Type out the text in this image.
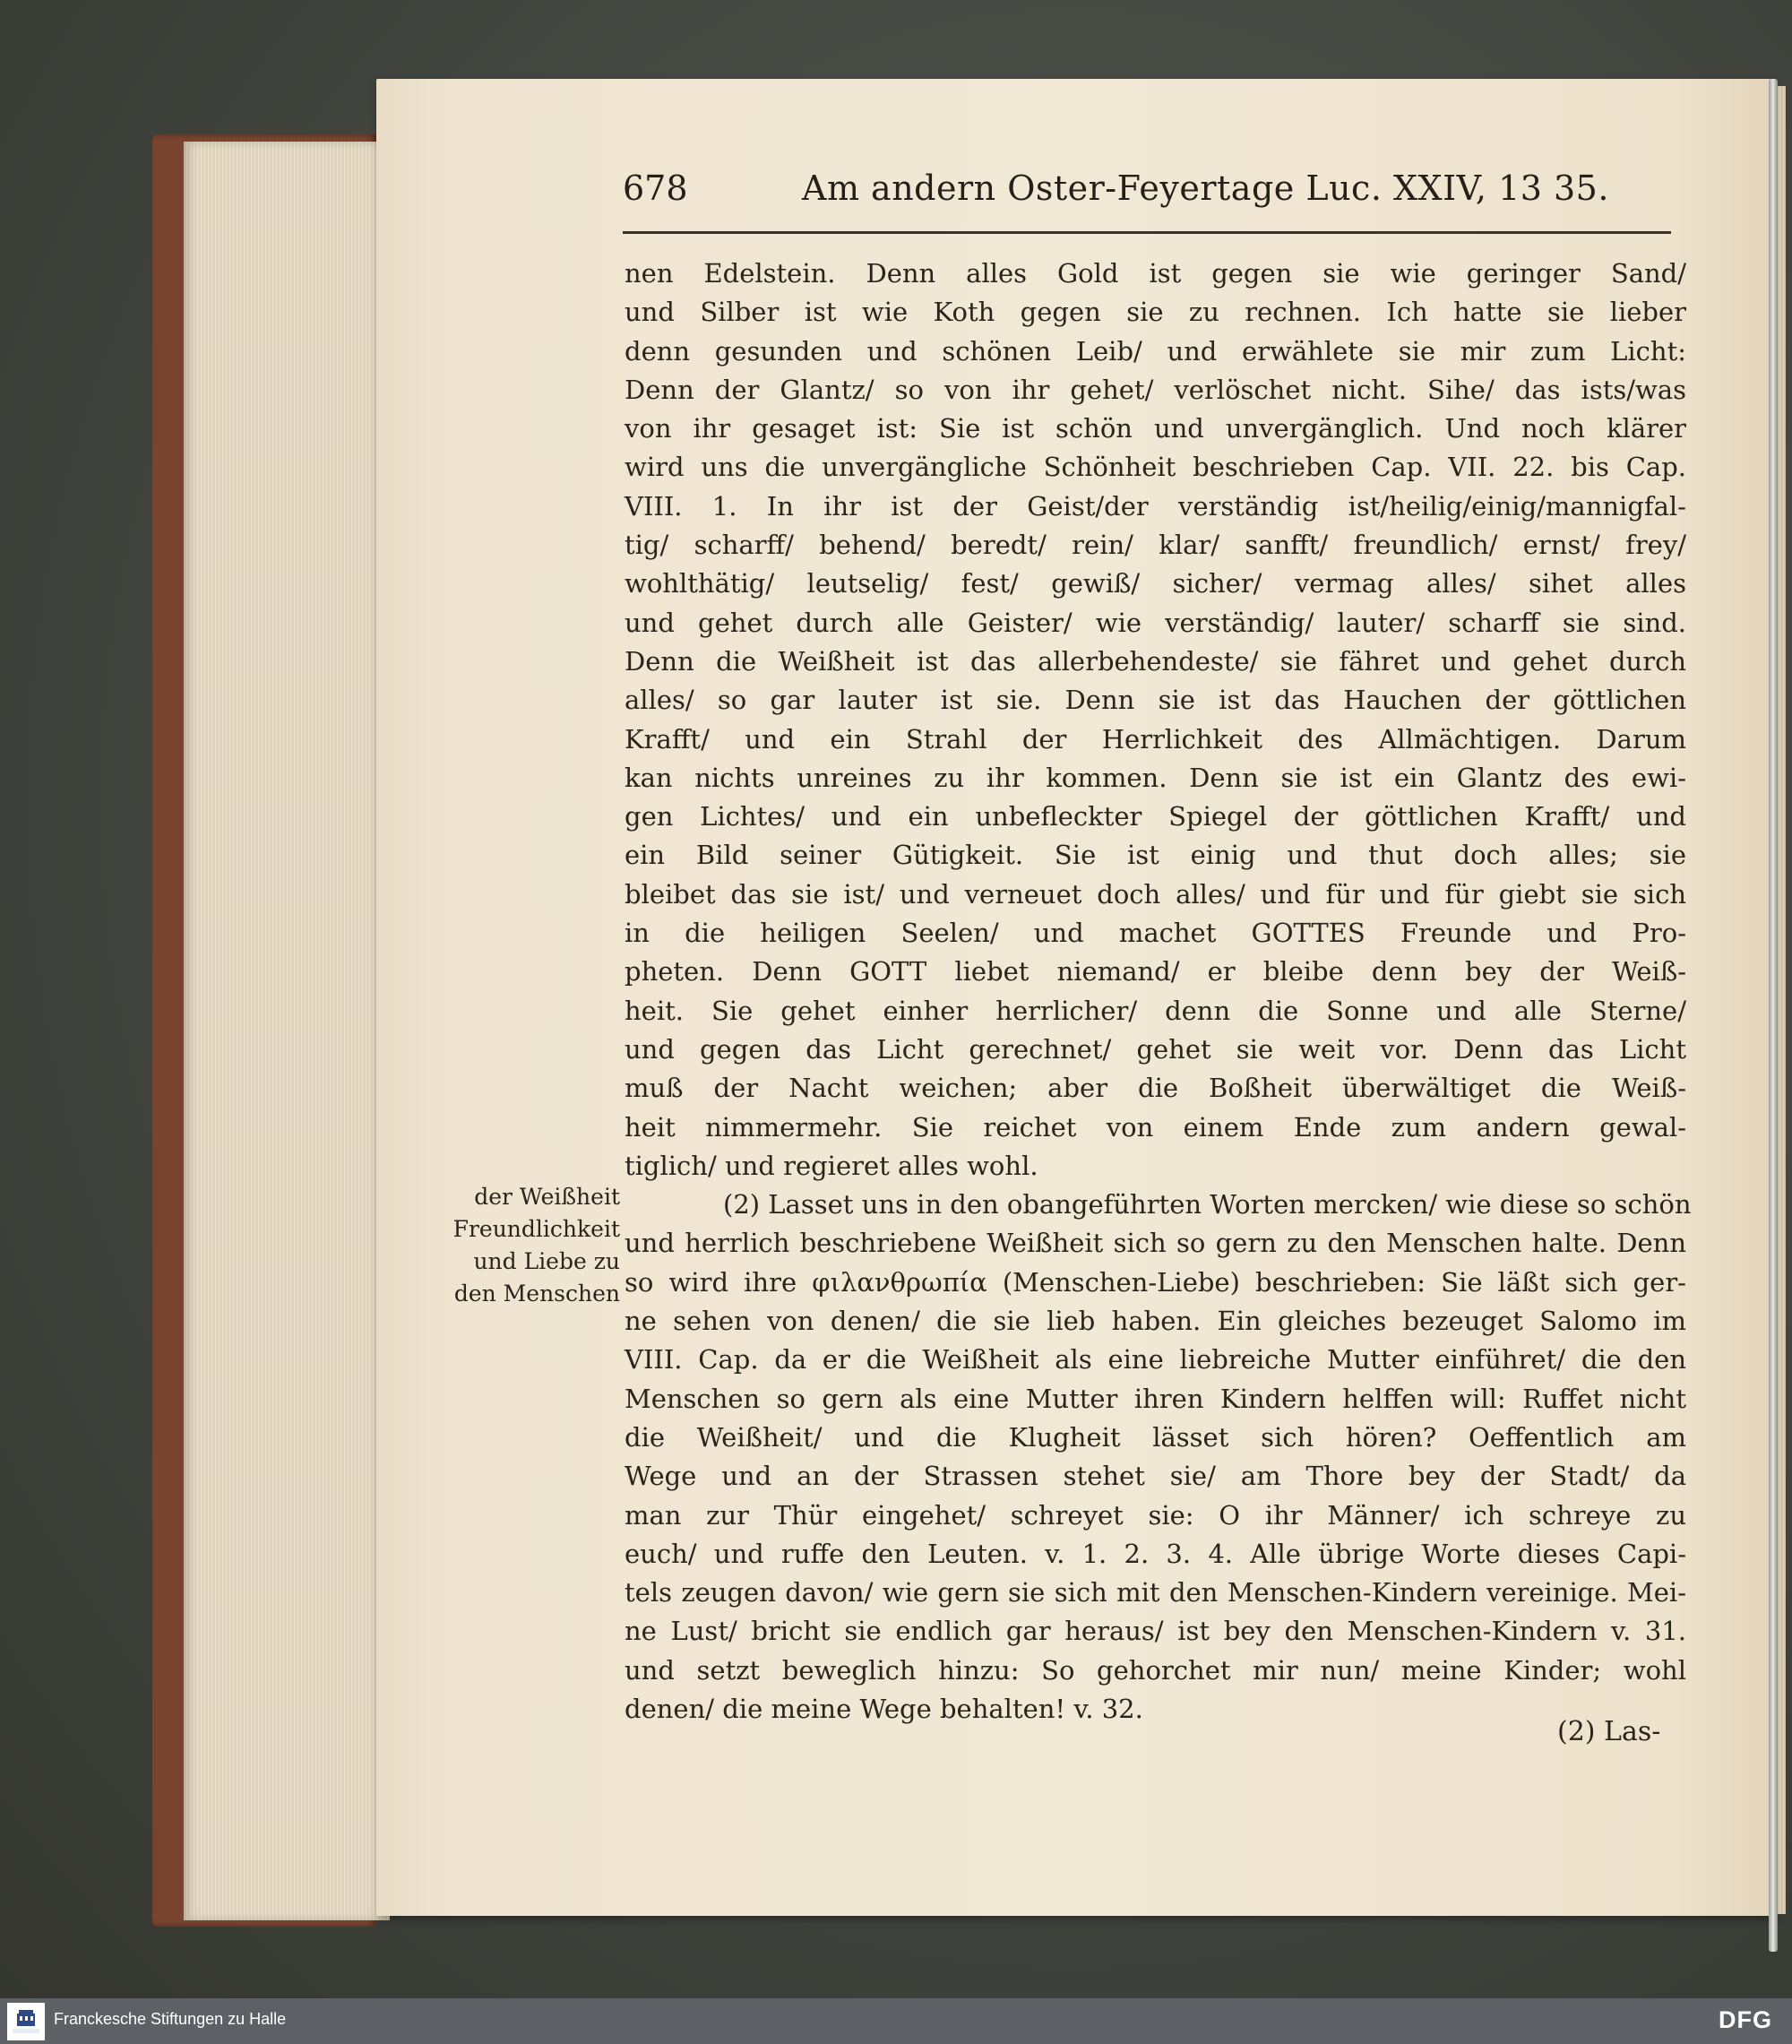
678	Am andern Oster-Feyertage Luc. XXIV, 13 35.
nen Edelstein. Denn alles Gold ist gegen sie wie geringer Sand/
und Silber ist wie Koth gegen sie zu rechnen. Ich hatte sie lieber
denn gesunden und schönen Leib/ und erwählete sie mir zum Licht:
Denn der Glantz/ so von ihr gehet/ verlöschet nicht. Sihe/ das ists/was
von ihr gesaget ist: Sie ist schön und unvergänglich. Und noch klärer
wird uns die unvergängliche Schönheit beschrieben Cap. VII. 22. bis Cap.
VIII. 1. In ihr ist der Geist/der verständig ist/heilig/einig/mannigfal-
tig/ scharff/ behend/ beredt/ rein/ klar/ sanfft/ freundlich/ ernst/ frey/
wohlthätig/ leutselig/ fest/ gewiß/ sicher/ vermag alles/ sihet alles
und gehet durch alle Geister/ wie verständig/ lauter/ scharff sie sind.
Denn die Weißheit ist das allerbehendeste/ sie fähret und gehet durch
alles/ so gar lauter ist sie. Denn sie ist das Hauchen der göttlichen
Krafft/ und ein Strahl der Herrlichkeit des Allmächtigen. Darum
kan nichts unreines zu ihr kommen. Denn sie ist ein Glantz des ewi-
gen Lichtes/ und ein unbefleckter Spiegel der göttlichen Krafft/ und
ein Bild seiner Gütigkeit. Sie ist einig und thut doch alles; sie
bleibet das sie ist/ und verneuet doch alles/ und für und für giebt sie sich
in die heiligen Seelen/ und machet GOTTES Freunde und Pro-
pheten. Denn GOTT liebet niemand/ er bleibe denn bey der Weiß-
heit. Sie gehet einher herrlicher/ denn die Sonne und alle Sterne/
und gegen das Licht gerechnet/ gehet sie weit vor. Denn das Licht
muß der Nacht weichen; aber die Boßheit überwältiget die Weiß-
heit nimmermehr. Sie reichet von einem Ende zum andern gewal-
tiglich/ und regieret alles wohl.
(2) Lasset uns in den obangeführten Worten mercken/ wie diese so schön
und herrlich beschriebene Weißheit sich so gern zu den Menschen halte. Denn
so wird ihre φιλανθρωπία (Menschen-Liebe) beschrieben: Sie läßt sich ger-
ne sehen von denen/ die sie lieb haben. Ein gleiches bezeuget Salomo im
VIII. Cap. da er die Weißheit als eine liebreiche Mutter einführet/ die den
Menschen so gern als eine Mutter ihren Kindern helffen will: Ruffet nicht
die Weißheit/ und die Klugheit lässet sich hören? Oeffentlich am
Wege und an der Strassen stehet sie/ am Thore bey der Stadt/ da
man zur Thür eingehet/ schreyet sie: O ihr Männer/ ich schreye zu
euch/ und ruffe den Leuten. v. 1. 2. 3. 4. Alle übrige Worte dieses Capi-
tels zeugen davon/ wie gern sie sich mit den Menschen-Kindern vereinige. Mei-
ne Lust/ bricht sie endlich gar heraus/ ist bey den Menschen-Kindern v. 31.
und setzt beweglich hinzu: So gehorchet mir nun/ meine Kinder; wohl
denen/ die meine Wege behalten! v. 32.
der Weißheit
Freundlichkeit
und Liebe zu
den Menschen
(2) Las-
Franckesche Stiftungen zu Halle	DFG
